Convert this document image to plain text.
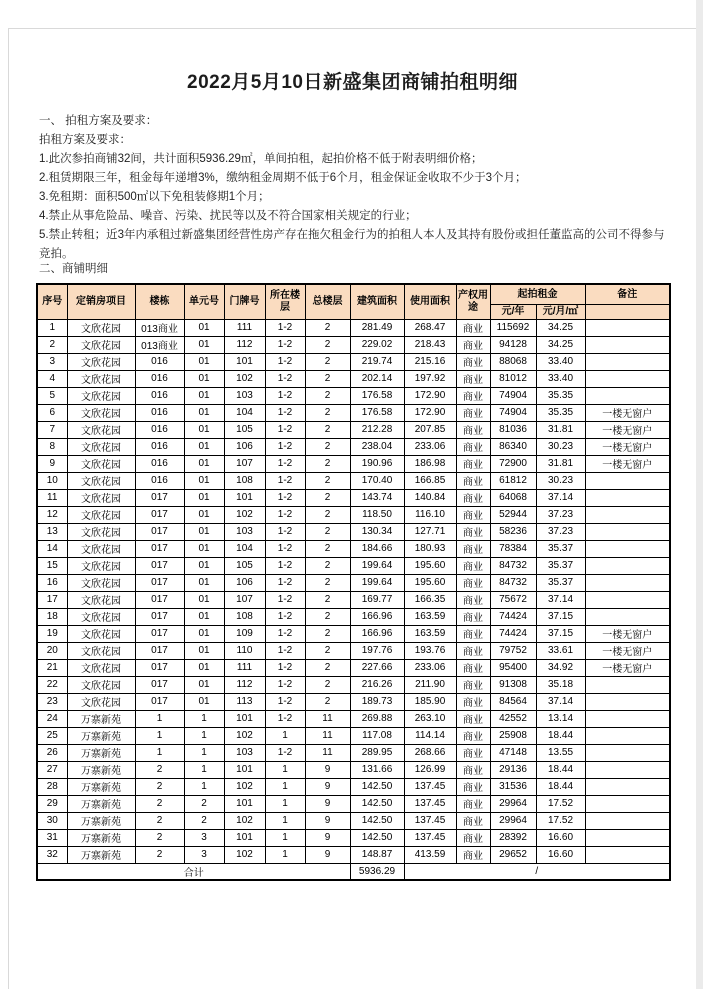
2022月5月10日新盛集团商铺拍租明细

一、 拍租方案及要求：

拍租方案及要求：

1.此次参拍商铺32间，共计面积5936.29㎡，单间拍租，起拍价格不低于附表明细价格；

2.租赁期限三年，租金每年递增3%，缴纳租金周期不低于6个月，租金保证金收取不少于3个月；

3.免租期：面积500㎡以下免租装修期1个月；

4.禁止从事危险品、噪音、污染、扰民等以及不符合国家相关规定的行业；

5.禁止转租；近3年内承租过新盛集团经营性房产存在拖欠租金行为的拍租人本人及其持有股份或担任董监高的公司不得参与竞拍。

二、商铺明细
序号	定销房项目	楼栋	单元号	门牌号	所在楼层	总楼层	建筑面积	使用面积	产权用途	起拍租金		备注
										元/年	元/月/㎡	
1	文欣花园	013商业	01	111	1-2	2	281.49	268.47	商业	115692	34.25	
2	文欣花园	013商业	01	112	1-2	2	229.02	218.43	商业	94128	34.25	
3	文欣花园	016	01	101	1-2	2	219.74	215.16	商业	88068	33.40	
4	文欣花园	016	01	102	1-2	2	202.14	197.92	商业	81012	33.40	
5	文欣花园	016	01	103	1-2	2	176.58	172.90	商业	74904	35.35	
6	文欣花园	016	01	104	1-2	2	176.58	172.90	商业	74904	35.35	一楼无窗户
7	文欣花园	016	01	105	1-2	2	212.28	207.85	商业	81036	31.81	一楼无窗户
8	文欣花园	016	01	106	1-2	2	238.04	233.06	商业	86340	30.23	一楼无窗户
9	文欣花园	016	01	107	1-2	2	190.96	186.98	商业	72900	31.81	一楼无窗户
10	文欣花园	016	01	108	1-2	2	170.40	166.85	商业	61812	30.23	
11	文欣花园	017	01	101	1-2	2	143.74	140.84	商业	64068	37.14	
12	文欣花园	017	01	102	1-2	2	118.50	116.10	商业	52944	37.23	
13	文欣花园	017	01	103	1-2	2	130.34	127.71	商业	58236	37.23	
14	文欣花园	017	01	104	1-2	2	184.66	180.93	商业	78384	35.37	
15	文欣花园	017	01	105	1-2	2	199.64	195.60	商业	84732	35.37	
16	文欣花园	017	01	106	1-2	2	199.64	195.60	商业	84732	35.37	
17	文欣花园	017	01	107	1-2	2	169.77	166.35	商业	75672	37.14	
18	文欣花园	017	01	108	1-2	2	166.96	163.59	商业	74424	37.15	
19	文欣花园	017	01	109	1-2	2	166.96	163.59	商业	74424	37.15	一楼无窗户
20	文欣花园	017	01	110	1-2	2	197.76	193.76	商业	79752	33.61	一楼无窗户
21	文欣花园	017	01	111	1-2	2	227.66	233.06	商业	95400	34.92	一楼无窗户
22	文欣花园	017	01	112	1-2	2	216.26	211.90	商业	91308	35.18	
23	文欣花园	017	01	113	1-2	2	189.73	185.90	商业	84564	37.14	
24	万寨新苑	1	1	101	1-2	11	269.88	263.10	商业	42552	13.14	
25	万寨新苑	1	1	102	1	11	117.08	114.14	商业	25908	18.44	
26	万寨新苑	1	1	103	1-2	11	289.95	268.66	商业	47148	13.55	
27	万寨新苑	2	1	101	1	9	131.66	126.99	商业	29136	18.44	
28	万寨新苑	2	1	102	1	9	142.50	137.45	商业	31536	18.44	
29	万寨新苑	2	2	101	1	9	142.50	137.45	商业	29964	17.52	
30	万寨新苑	2	2	102	1	9	142.50	137.45	商业	29964	17.52	
31	万寨新苑	2	3	101	1	9	142.50	137.45	商业	28392	16.60	
32	万寨新苑	2	3	102	1	9	148.87	413.59	商业	29652	16.60	
合计							5936.29	/				
